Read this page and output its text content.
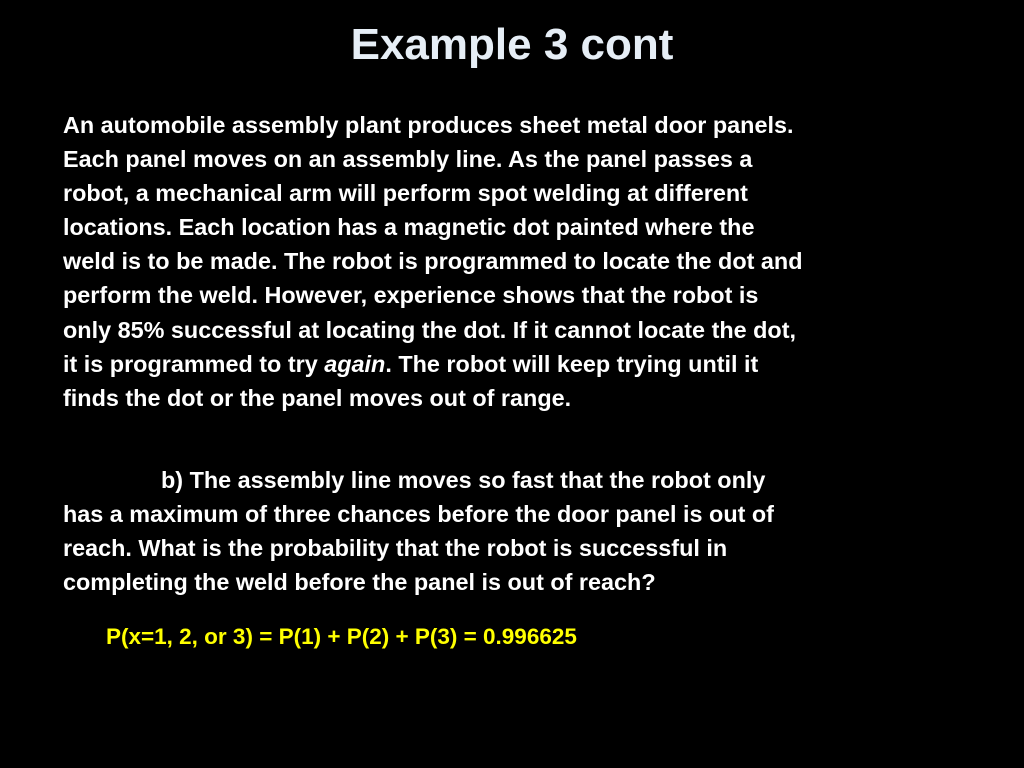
Example 3 cont
An automobile assembly plant produces sheet metal door panels.
Each panel moves on an assembly line. As the panel passes a
robot, a mechanical arm will perform spot welding at different
locations. Each location has a magnetic dot painted where the
weld is to be made. The robot is programmed to locate the dot and
perform the weld. However, experience shows that the robot is
only 85% successful at locating the dot. If it cannot locate the dot,
it is programmed to try again. The robot will keep trying until it
finds the dot or the panel moves out of range.
b) The assembly line moves so fast that the robot only
has a maximum of three chances before the door panel is out of
reach. What is the probability that the robot is successful in
completing the weld before the panel is out of reach?
P(x=1, 2, or 3) = P(1) + P(2) + P(3) = 0.996625
